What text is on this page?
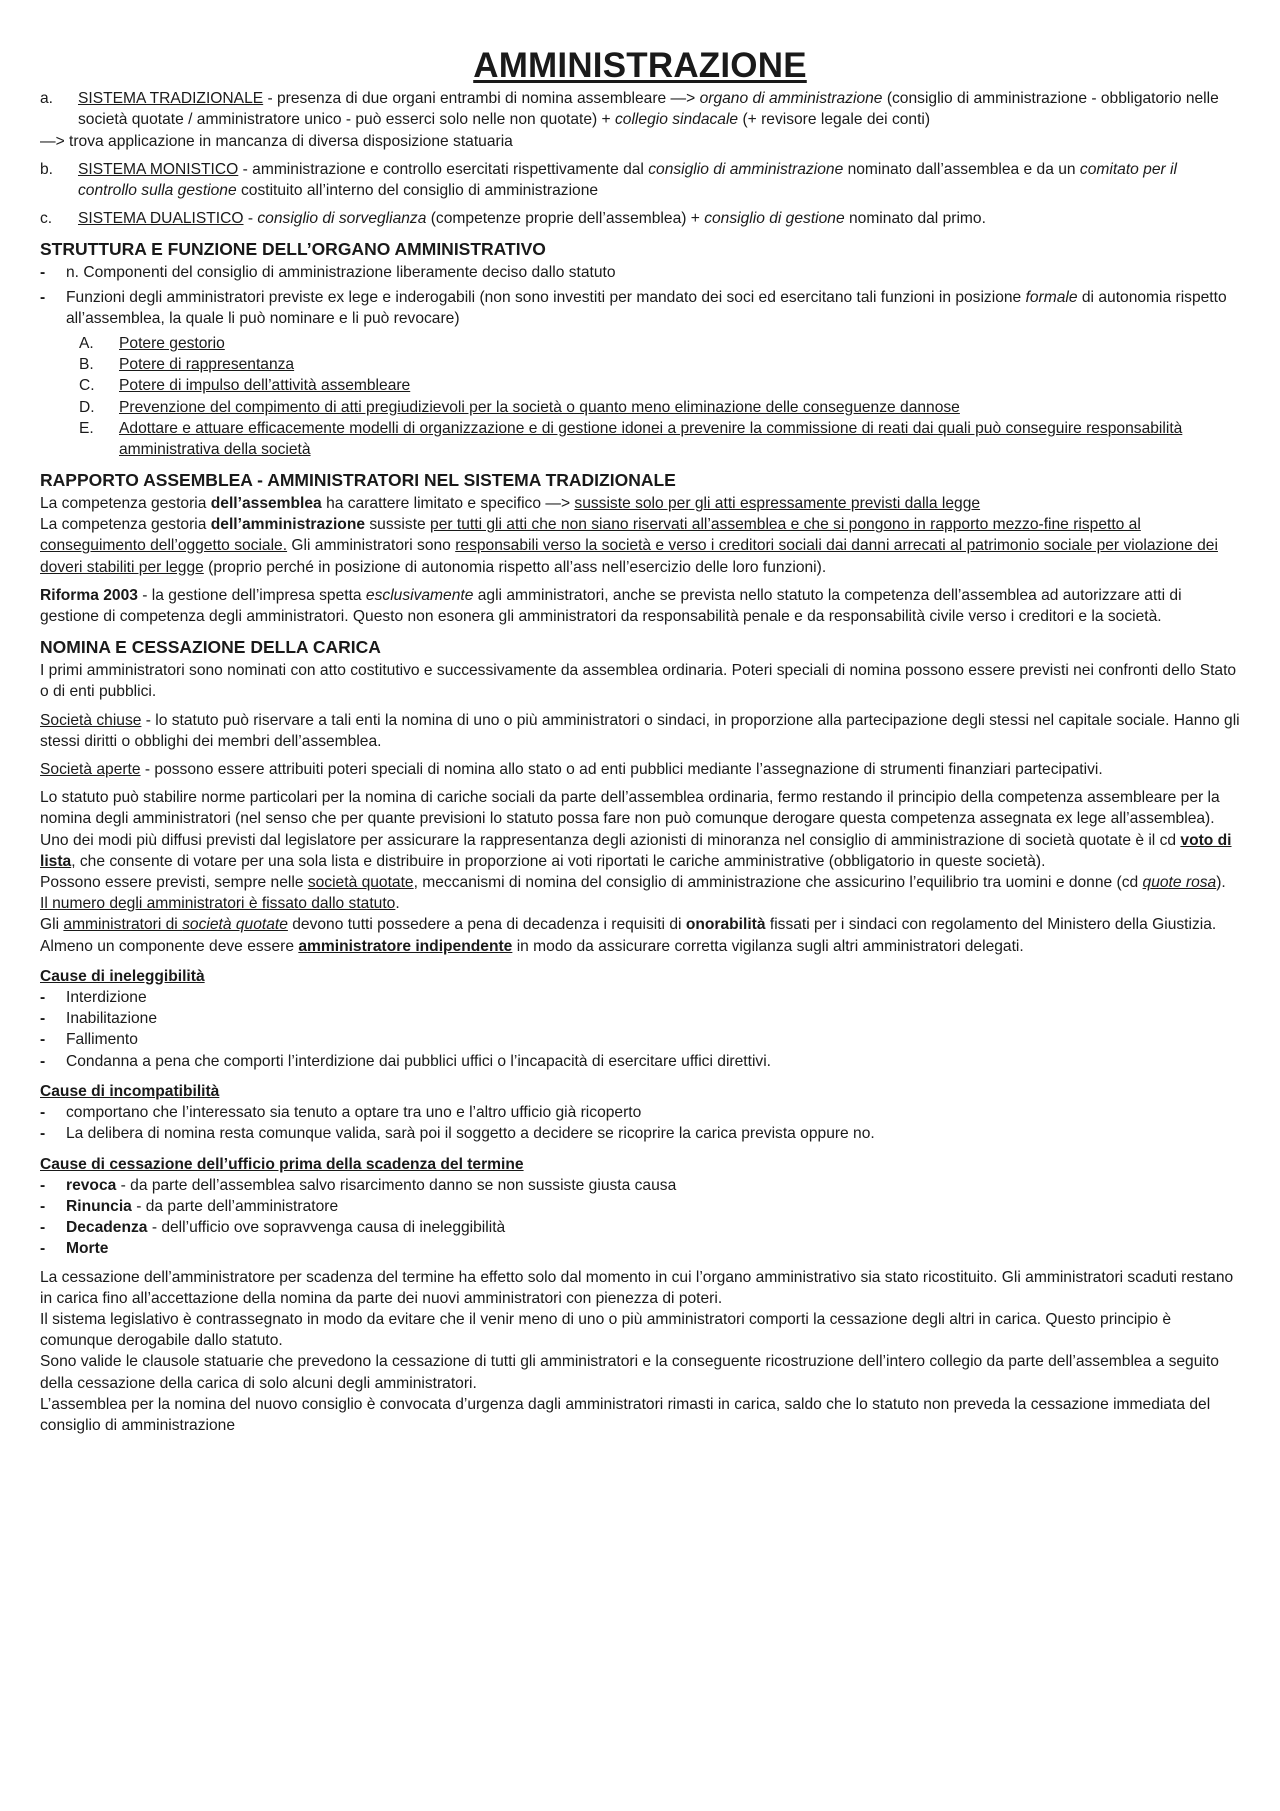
AMMINISTRAZIONE
a. SISTEMA TRADIZIONALE - presenza di due organi entrambi di nomina assembleare —> organo di amministrazione (consiglio di amministrazione - obbligatorio nelle società quotate / amministratore unico - può esserci solo nelle non quotate) + collegio sindacale (+ revisore legale dei conti)

—> trova applicazione in mancanza di diversa disposizione statuaria

b. SISTEMA MONISTICO - amministrazione e controllo esercitati rispettivamente dal consiglio di amministrazione nominato dall’assemblea e da un comitato per il controllo sulla gestione costituito all’interno del consiglio di amministrazione
c. SISTEMA DUALISTICO - consiglio di sorveglianza (competenze proprie dell’assemblea) + consiglio di gestione nominato dal primo.
STRUTTURA E FUNZIONE DELL’ORGANO AMMINISTRATIVO
- n. Componenti del consiglio di amministrazione liberamente deciso dallo statuto
- Funzioni degli amministratori previste ex lege e inderogabili (non sono investiti per mandato dei soci ed esercitano tali funzioni in posizione formale di autonomia rispetto all’assemblea, la quale li può nominare e li può revocare)
A. Potere gestorio
B. Potere di rappresentanza
C. Potere di impulso dell’attività assembleare
D. Prevenzione del compimento di atti pregiudizievoli per la società o quanto meno eliminazione delle conseguenze dannose
E. Adottare e attuare efficacemente modelli di organizzazione e di gestione idonei a prevenire la commissione di reati dai quali può conseguire responsabilità amministrativa della società
RAPPORTO ASSEMBLEA - AMMINISTRATORI NEL SISTEMA TRADIZIONALE

La competenza gestoria dell’assemblea ha carattere limitato e specifico —> sussiste solo per gli atti espressamente previsti dalla legge

La competenza gestoria dell’amministrazione sussiste per tutti gli atti che non siano riservati all’assemblea e che si pongono in rapporto mezzo-fine rispetto al conseguimento dell’oggetto sociale. Gli amministratori sono responsabili verso la società e verso i creditori sociali dai danni arrecati al patrimonio sociale per violazione dei doveri stabiliti per legge (proprio perché in posizione di autonomia rispetto all’ass nell’esercizio delle loro funzioni).

Riforma 2003 - la gestione dell’impresa spetta esclusivamente agli amministratori, anche se prevista nello statuto la competenza dell’assemblea ad autorizzare atti di gestione di competenza degli amministratori. Questo non esonera gli amministratori da responsabilità penale e da responsabilità civile verso i creditori e la società.

NOMINA E CESSAZIONE DELLA CARICA

I primi amministratori sono nominati con atto costitutivo e successivamente da assemblea ordinaria. Poteri speciali di nomina possono essere previsti nei confronti dello Stato o di enti pubblici.

Società chiuse - lo statuto può riservare a tali enti la nomina di uno o più amministratori o sindaci, in proporzione alla partecipazione degli stessi nel capitale sociale. Hanno gli stessi diritti o obblighi dei membri dell’assemblea.

Società aperte - possono essere attribuiti poteri speciali di nomina allo stato o ad enti pubblici mediante l’assegnazione di strumenti finanziari partecipativi.

Lo statuto può stabilire norme particolari per la nomina di cariche sociali da parte dell’assemblea ordinaria, fermo restando il principio della competenza assembleare per la nomina degli amministratori (nel senso che per quante previsioni lo statuto possa fare non può comunque derogare questa competenza assegnata ex lege all’assemblea).

Uno dei modi più diffusi previsti dal legislatore per assicurare la rappresentanza degli azionisti di minoranza nel consiglio di amministrazione di società quotate è il cd voto di lista, che consente di votare per una sola lista e distribuire in proporzione ai voti riportati le cariche amministrative (obbligatorio in queste società).

Possono essere previsti, sempre nelle società quotate, meccanismi di nomina del consiglio di amministrazione che assicurino l’equilibrio tra uomini e donne (cd quote rosa).

Il numero degli amministratori è fissato dallo statuto.

Gli amministratori di società quotate devono tutti possedere a pena di decadenza i requisiti di onorabilità fissati per i sindaci con regolamento del Ministero della Giustizia.

Almeno un componente deve essere amministratore indipendente in modo da assicurare corretta vigilanza sugli altri amministratori delegati.

Cause di ineleggibilità
- Interdizione
- Inabilitazione
- Fallimento
- Condanna a pena che comporti l’interdizione dai pubblici uffici o l’incapacità di esercitare uffici direttivi.
Cause di incompatibilità
- comportano che l’interessato sia tenuto a optare tra uno e l’altro ufficio già ricoperto
- La delibera di nomina resta comunque valida, sarà poi il soggetto a decidere se ricoprire la carica prevista oppure no.
Cause di cessazione dell’ufficio prima della scadenza del termine
- revoca - da parte dell’assemblea salvo risarcimento danno se non sussiste giusta causa
- Rinuncia - da parte dell’amministratore
- Decadenza - dell’ufficio ove sopravvenga causa di ineleggibilità
- Morte

La cessazione dell’amministratore per scadenza del termine ha effetto solo dal momento in cui l’organo amministrativo sia stato ricostituito. Gli amministratori scaduti restano in carica fino all’accettazione della nomina da parte dei nuovi amministratori con pienezza di poteri.

Il sistema legislativo è contrassegnato in modo da evitare che il venir meno di uno o più amministratori comporti la cessazione degli altri in carica. Questo principio è comunque derogabile dallo statuto.

Sono valide le clausole statuarie che prevedono la cessazione di tutti gli amministratori e la conseguente ricostruzione dell’intero collegio da parte dell’assemblea a seguito della cessazione della carica di solo alcuni degli amministratori.

L’assemblea per la nomina del nuovo consiglio è convocata d’urgenza dagli amministratori rimasti in carica, saldo che lo statuto non preveda la cessazione immediata del consiglio di amministrazione
